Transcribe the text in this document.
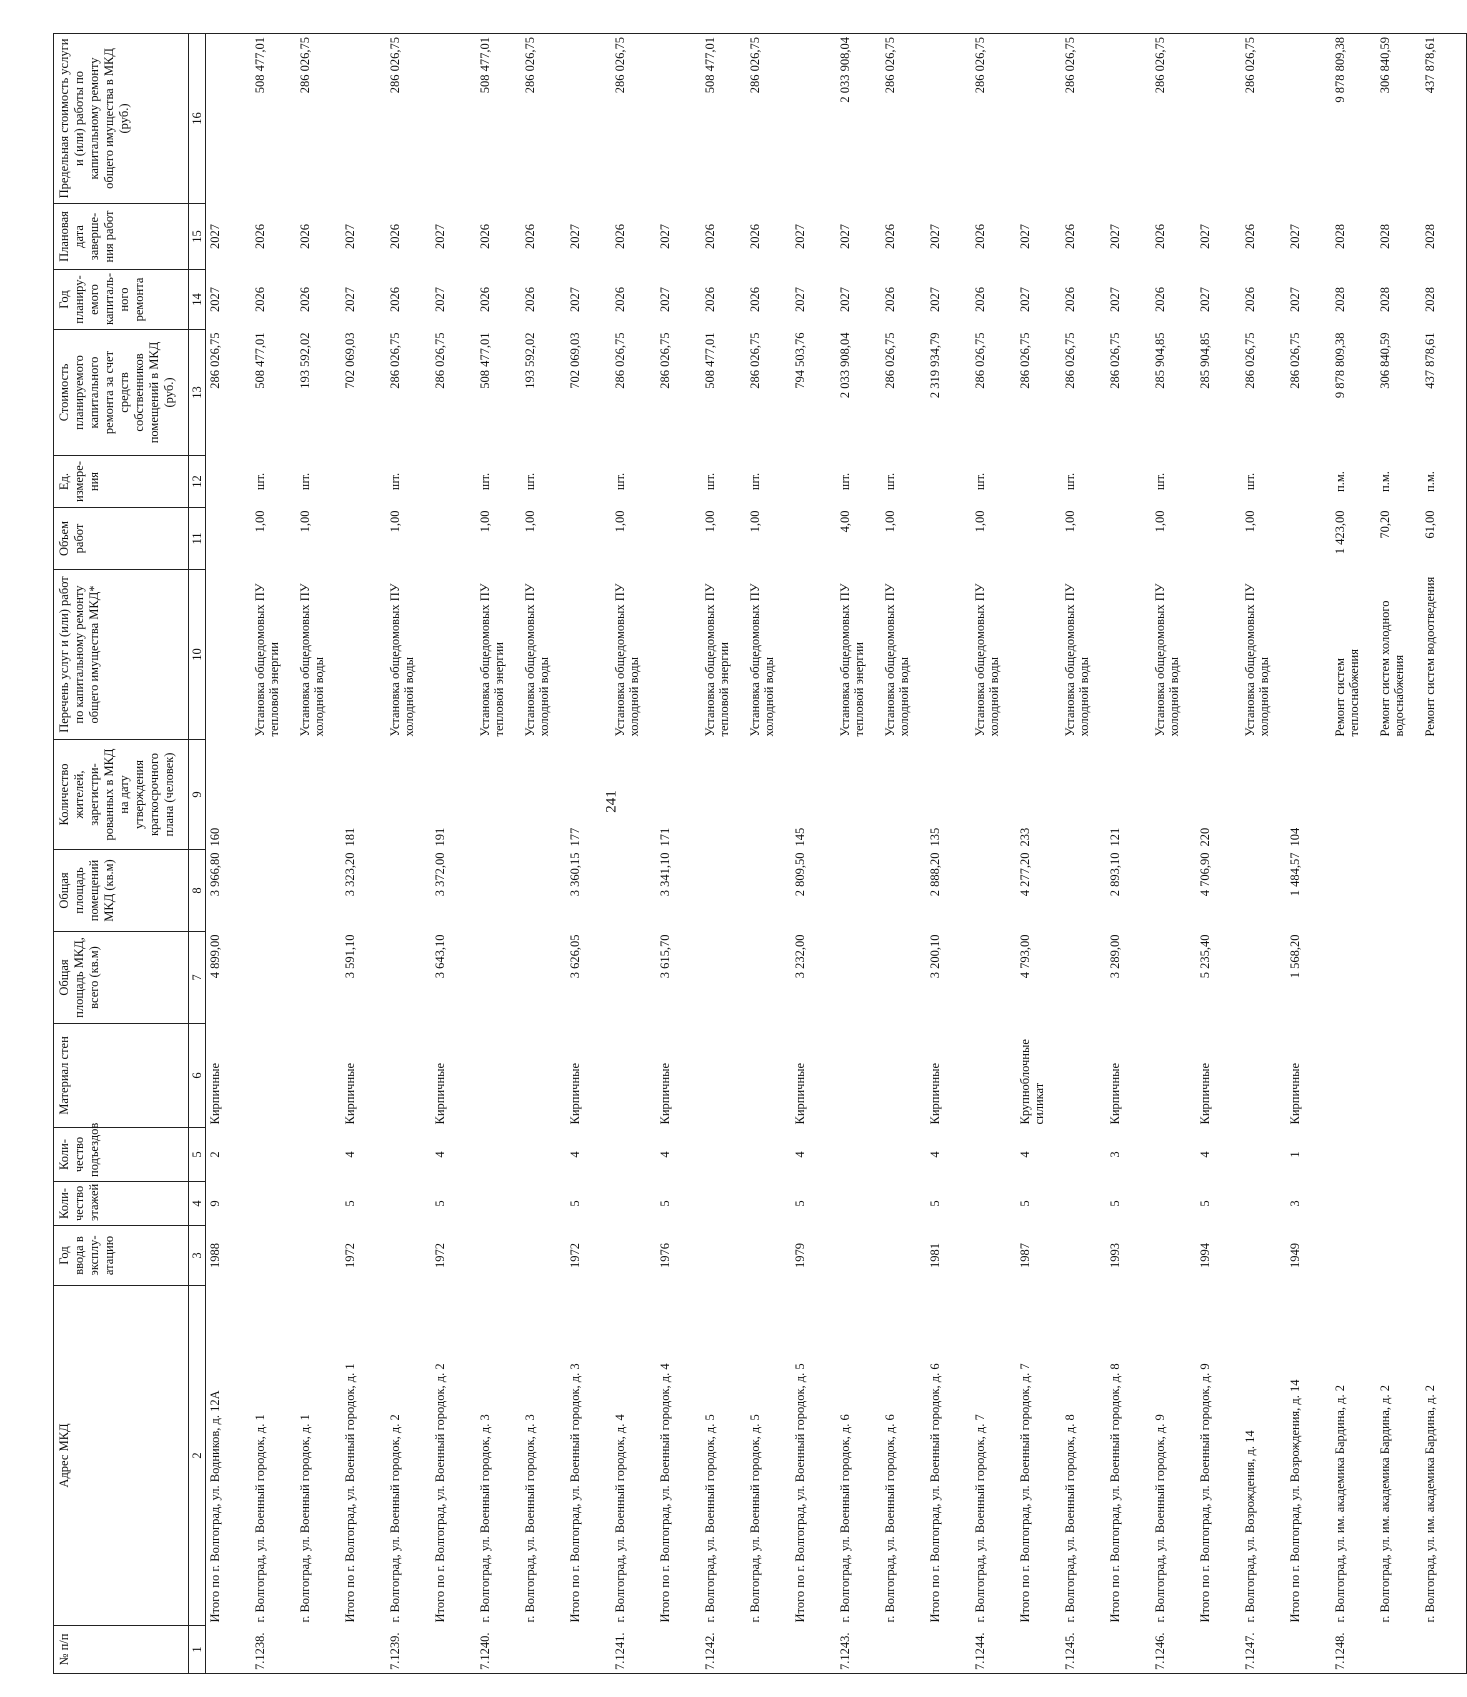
241
№ п/п	Адрес МКД	Год ввода в эксплу-атацию	Коли-чество этажей	Коли-чество подъездов	Материал стен	Общая площадь МКД, всего (кв.м)	Общая площадь помещений МКД (кв.м)	Количество жителей, зарегистри-рованных в МКД на дату утверждения краткосрочного плана (человек)	Перечень услуг и (или) работ по капитальному ремонту общего имущества МКД*	Объем работ	Ед. измере-ния	Стоимость планируемого капитального ремонта за счет средств собственников помещений в МКД (руб.)	Год планиру-емого капиталь-ного ремонта	Плановая дата заверше-ния работ	Предельная стоимость услуги и (или) работы по капитальному ремонту общего имущества в МКД (руб.)
1	2	3	4	5	6	7	8	9	10	11	12	13	14	15	16
	Итого по г. Волгоград, ул. Водников, д. 12А	1988	9	2	Кирпичные	4 899,00	3 966,80	160				286 026,75	2027	2027	
7.1238.	г. Волгоград, ул. Военный городок, д. 1								Установка общедомовых ПУ тепловой энергии	1,00	шт.	508 477,01	2026	2026	508 477,01
	г. Волгоград, ул. Военный городок, д. 1								Установка общедомовых ПУ холодной воды	1,00	шт.	193 592,02	2026	2026	286 026,75
	Итого по г. Волгоград, ул. Военный городок, д. 1	1972	5	4	Кирпичные	3 591,10	3 323,20	181				702 069,03	2027	2027	
7.1239.	г. Волгоград, ул. Военный городок, д. 2								Установка общедомовых ПУ холодной воды	1,00	шт.	286 026,75	2026	2026	286 026,75
	Итого по г. Волгоград, ул. Военный городок, д. 2	1972	5	4	Кирпичные	3 643,10	3 372,00	191				286 026,75	2027	2027	
7.1240.	г. Волгоград, ул. Военный городок, д. 3								Установка общедомовых ПУ тепловой энергии	1,00	шт.	508 477,01	2026	2026	508 477,01
	г. Волгоград, ул. Военный городок, д. 3								Установка общедомовых ПУ холодной воды	1,00	шт.	193 592,02	2026	2026	286 026,75
	Итого по г. Волгоград, ул. Военный городок, д. 3	1972	5	4	Кирпичные	3 626,05	3 360,15	177				702 069,03	2027	2027	
7.1241.	г. Волгоград, ул. Военный городок, д. 4								Установка общедомовых ПУ холодной воды	1,00	шт.	286 026,75	2026	2026	286 026,75
	Итого по г. Волгоград, ул. Военный городок, д. 4	1976	5	4	Кирпичные	3 615,70	3 341,10	171				286 026,75	2027	2027	
7.1242.	г. Волгоград, ул. Военный городок, д. 5								Установка общедомовых ПУ тепловой энергии	1,00	шт.	508 477,01	2026	2026	508 477,01
	г. Волгоград, ул. Военный городок, д. 5								Установка общедомовых ПУ холодной воды	1,00	шт.	286 026,75	2026	2026	286 026,75
	Итого по г. Волгоград, ул. Военный городок, д. 5	1979	5	4	Кирпичные	3 232,00	2 809,50	145				794 503,76	2027	2027	
7.1243.	г. Волгоград, ул. Военный городок, д. 6								Установка общедомовых ПУ тепловой энергии	4,00	шт.	2 033 908,04	2027	2027	2 033 908,04
	г. Волгоград, ул. Военный городок, д. 6								Установка общедомовых ПУ холодной воды	1,00	шт.	286 026,75	2026	2026	286 026,75
	Итого по г. Волгоград, ул. Военный городок, д. 6	1981	5	4	Кирпичные	3 200,10	2 888,20	135				2 319 934,79	2027	2027	
7.1244.	г. Волгоград, ул. Военный городок, д. 7								Установка общедомовых ПУ холодной воды	1,00	шт.	286 026,75	2026	2026	286 026,75
	Итого по г. Волгоград, ул. Военный городок, д. 7	1987	5	4	Крупноблочные силикат	4 793,00	4 277,20	233				286 026,75	2027	2027	
7.1245.	г. Волгоград, ул. Военный городок, д. 8								Установка общедомовых ПУ холодной воды	1,00	шт.	286 026,75	2026	2026	286 026,75
	Итого по г. Волгоград, ул. Военный городок, д. 8	1993	5	3	Кирпичные	3 289,00	2 893,10	121				286 026,75	2027	2027	
7.1246.	г. Волгоград, ул. Военный городок, д. 9								Установка общедомовых ПУ холодной воды	1,00	шт.	285 904,85	2026	2026	286 026,75
	Итого по г. Волгоград, ул. Военный городок, д. 9	1994	5	4	Кирпичные	5 235,40	4 706,90	220				285 904,85	2027	2027	
7.1247.	г. Волгоград, ул. Возрождения, д. 14								Установка общедомовых ПУ холодной воды	1,00	шт.	286 026,75	2026	2026	286 026,75
	Итого по г. Волгоград, ул. Возрождения, д. 14	1949	3	1	Кирпичные	1 568,20	1 484,57	104				286 026,75	2027	2027	
7.1248.	г. Волгоград, ул. им. академика Бардина, д. 2								Ремонт систем теплоснабжения	1 423,00	п.м.	9 878 809,38	2028	2028	9 878 809,38
	г. Волгоград, ул. им. академика Бардина, д. 2								Ремонт систем холодного водоснабжения	70,20	п.м.	306 840,59	2028	2028	306 840,59
	г. Волгоград, ул. им. академика Бардина, д. 2								Ремонт систем водоотведения	61,00	п.м.	437 878,61	2028	2028	437 878,61
